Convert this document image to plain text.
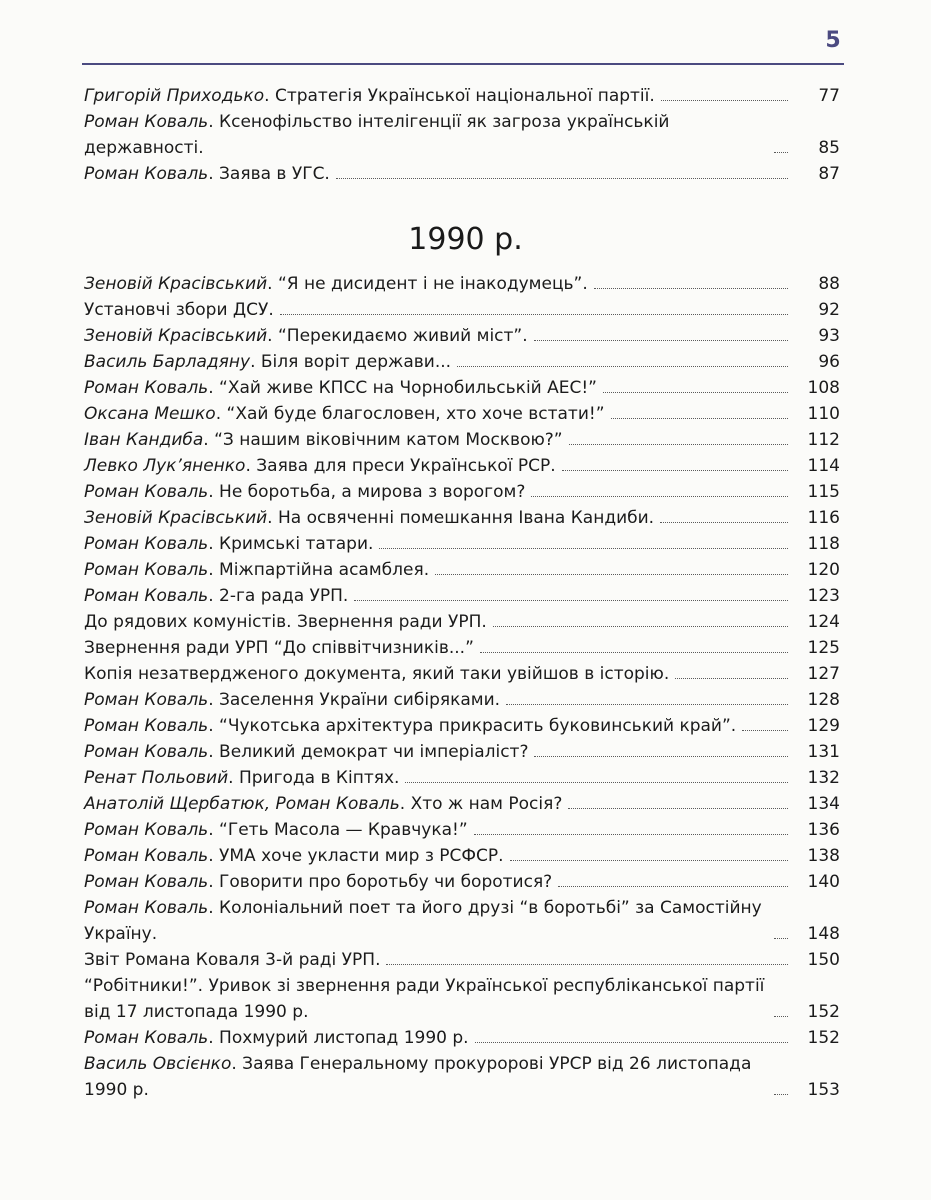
5
Григорій Приходько. Стратегія Української національної партії.	77
Роман Коваль. Ксенофільство інтелігенції як загроза українській державності.	85
Роман Коваль. Заява в УГС.	87
1990 р.
Зеновій Красівський. “Я не дисидент і не інакодумець”.	88
Установчі збори ДСУ.	92
Зеновій Красівський. “Перекидаємо живий міст”.	93
Василь Барладяну. Біля воріт держави...	96
Роман Коваль. “Хай живе КПСС на Чорнобильській АЕС!”	108
Оксана Мешко. “Хай буде благословен, хто хоче встати!”	110
Іван Кандиба. “З нашим віковічним катом Москвою?”	112
Левко Лук’яненко. Заява для преси Української РСР.	114
Роман Коваль. Не боротьба, а мирова з ворогом?	115
Зеновій Красівський. На освяченні помешкання Івана Кандиби.	116
Роман Коваль. Кримські татари.	118
Роман Коваль. Міжпартійна асамблея.	120
Роман Коваль. 2-га рада УРП.	123
До рядових комуністів. Звернення ради УРП.	124
Звернення ради УРП “До співвітчизників...”	125
Копія незатвердженого документа, який таки увійшов в історію.	127
Роман Коваль. Заселення України сибіряками.	128
Роман Коваль. “Чукотська архітектура прикрасить буковинський край”.	129
Роман Коваль. Великий демократ чи імперіаліст?	131
Ренат Польовий. Пригода в Кіптях.	132
Анатолій Щербатюк, Роман Коваль. Хто ж нам Росія?	134
Роман Коваль. “Геть Масола — Кравчука!”	136
Роман Коваль. УМА хоче укласти мир з РСФСР.	138
Роман Коваль. Говорити про боротьбу чи боротися?	140
Роман Коваль. Колоніальний поет та його друзі “в боротьбі” за Самостійну Україну.	148
Звіт Романа Коваля 3-й раді УРП.	150
“Робітники!”. Уривок зі звернення ради Української республіканської партії від 17 листопада 1990 р.	152
Роман Коваль. Похмурий листопад 1990 р.	152
Василь Овсієнко. Заява Генеральному прокуророві УРСР від 26 листопада 1990 р.	153
